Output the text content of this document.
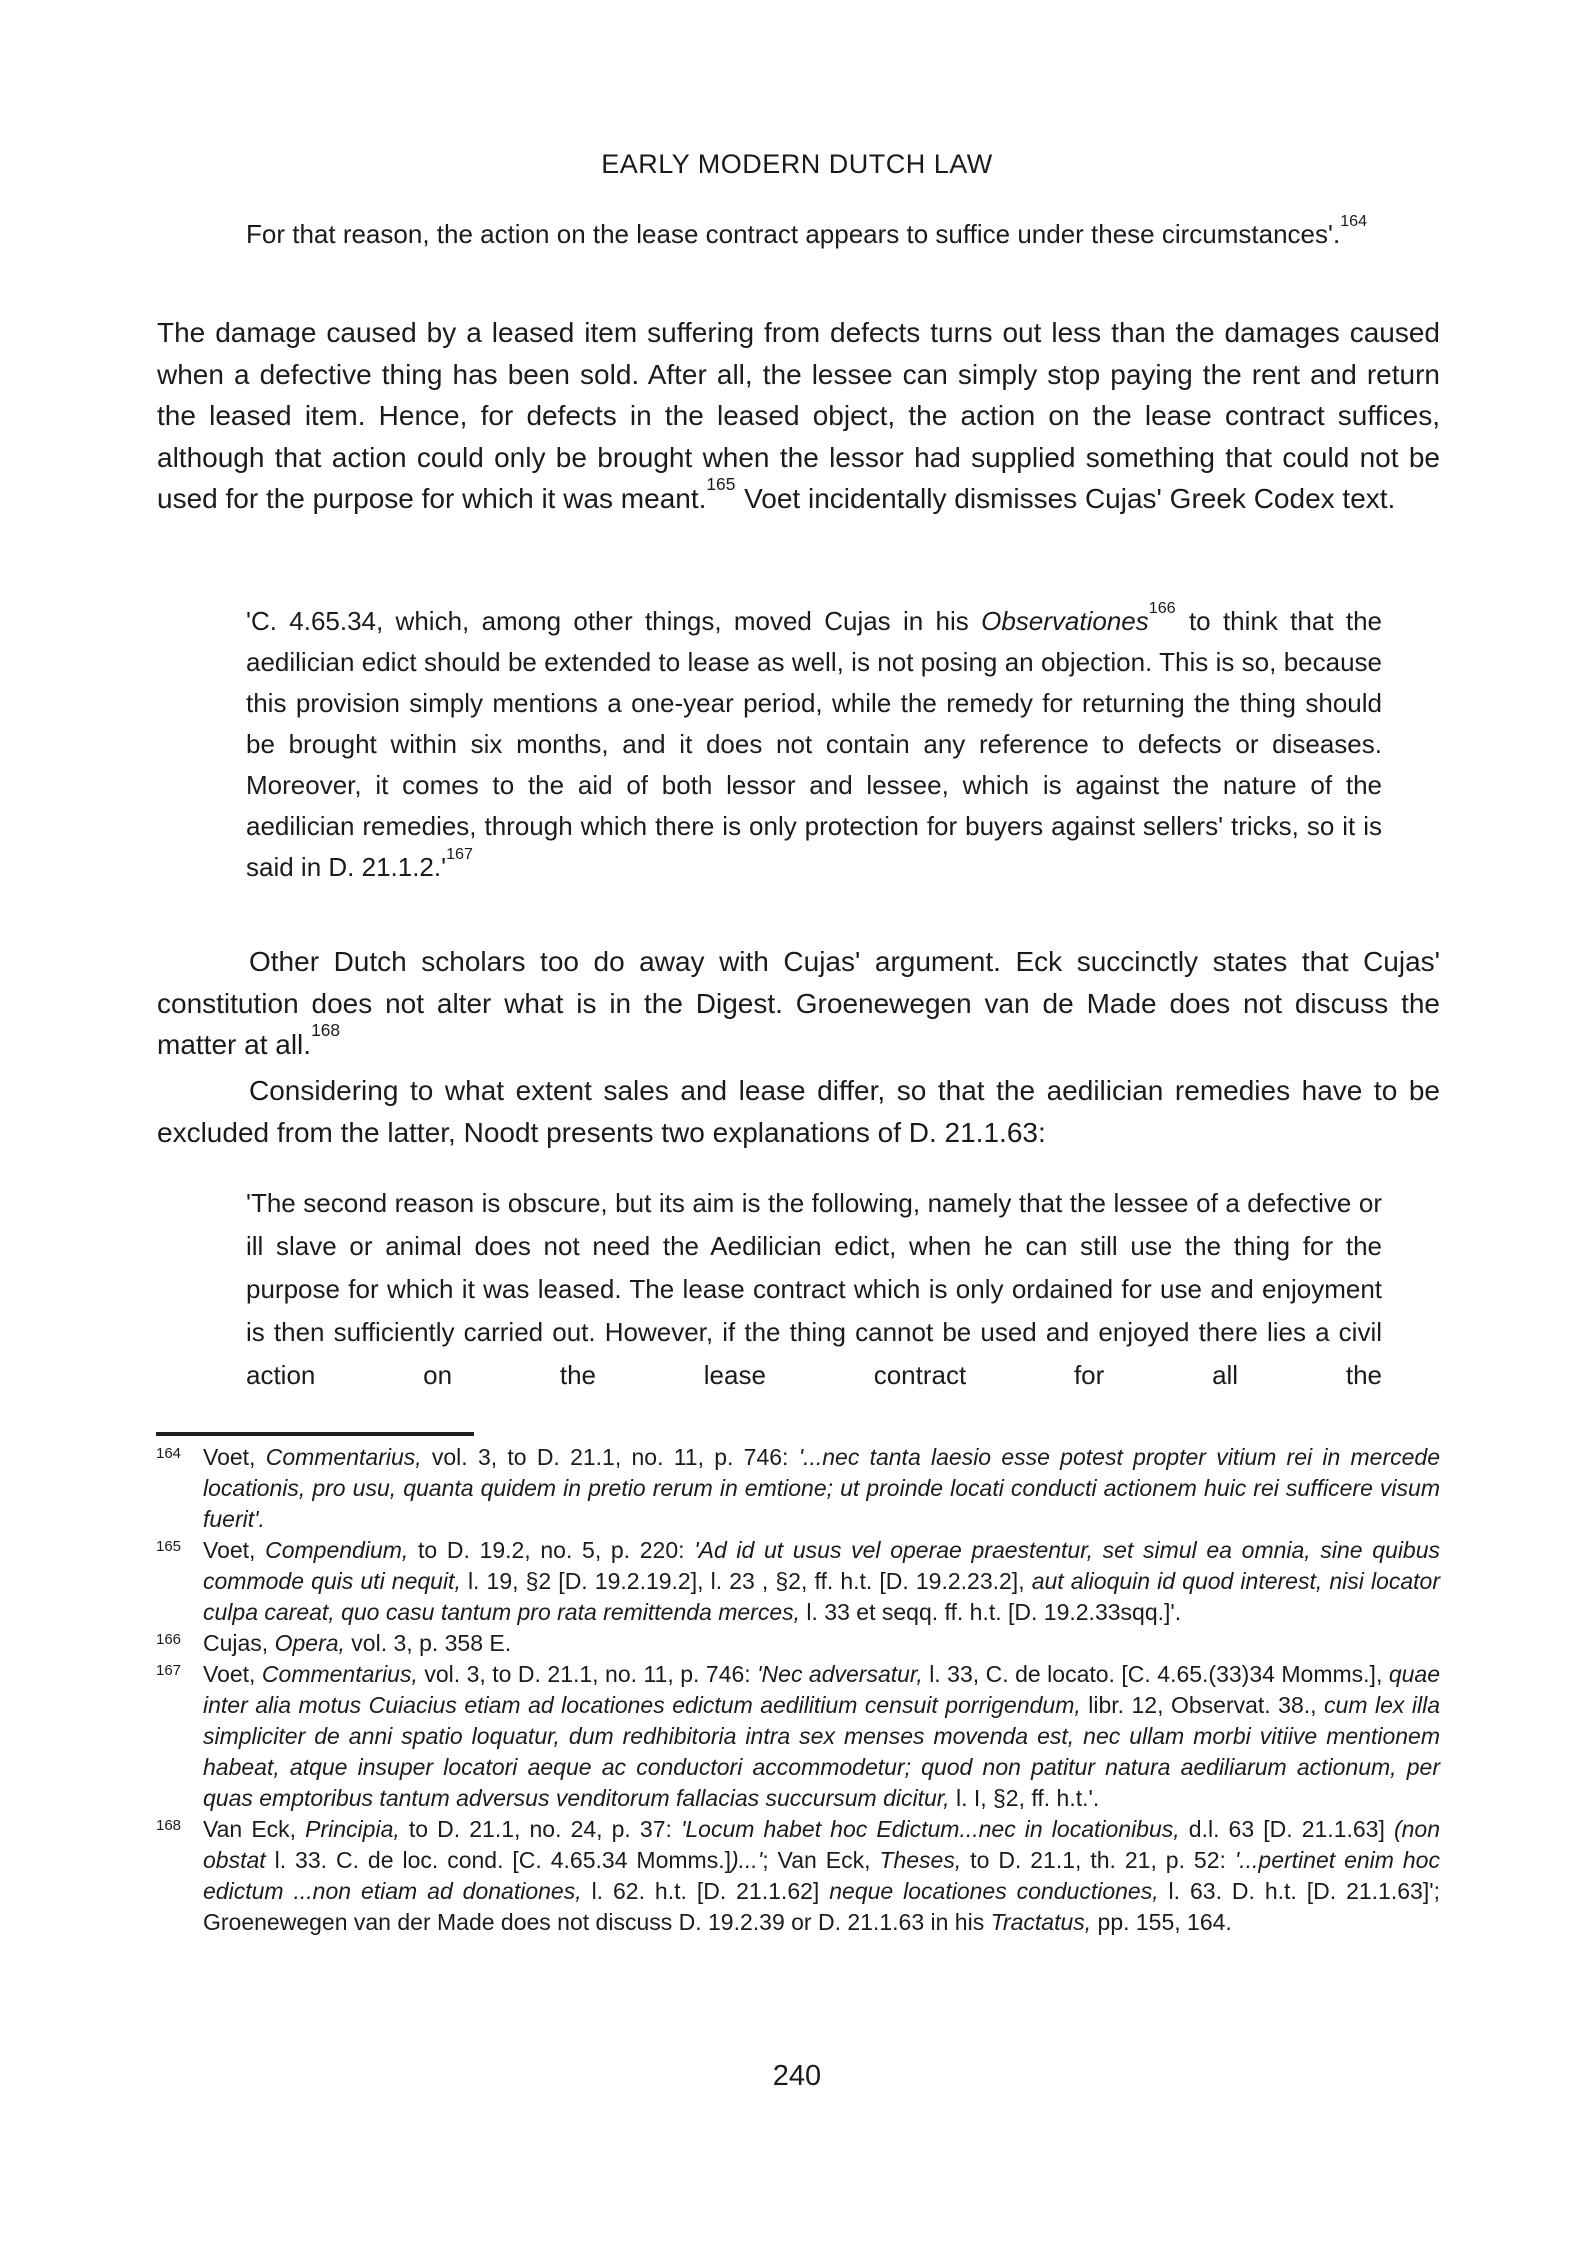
EARLY MODERN DUTCH LAW
For that reason, the action on the lease contract appears to suffice under these circumstances'.$^{164}$
The damage caused by a leased item suffering from defects turns out less than the damages caused when a defective thing has been sold. After all, the lessee can simply stop paying the rent and return the leased item. Hence, for defects in the leased object, the action on the lease contract suffices, although that action could only be brought when the lessor had supplied something that could not be used for the purpose for which it was meant.$^{165}$ Voet incidentally dismisses Cujas' Greek Codex text.
'C. 4.65.34, which, among other things, moved Cujas in his Observationes$^{166}$ to think that the aedilician edict should be extended to lease as well, is not posing an objection. This is so, because this provision simply mentions a one-year period, while the remedy for returning the thing should be brought within six months, and it does not contain any reference to defects or diseases. Moreover, it comes to the aid of both lessor and lessee, which is against the nature of the aedilician remedies, through which there is only protection for buyers against sellers' tricks, so it is said in D. 21.1.2.'$^{167}$
Other Dutch scholars too do away with Cujas' argument. Eck succinctly states that Cujas' constitution does not alter what is in the Digest. Groenewegen van de Made does not discuss the matter at all.$^{168}$
Considering to what extent sales and lease differ, so that the aedilician remedies have to be excluded from the latter, Noodt presents two explanations of D. 21.1.63:
'The second reason is obscure, but its aim is the following, namely that the lessee of a defective or ill slave or animal does not need the Aedilician edict, when he can still use the thing for the purpose for which it was leased. The lease contract which is only ordained for use and enjoyment is then sufficiently carried out. However, if the thing cannot be used and enjoyed there lies a civil action on the lease contract for all the
164 Voet, Commentarius, vol. 3, to D. 21.1, no. 11, p. 746: '...nec tanta laesio esse potest propter vitium rei in mercede locationis, pro usu, quanta quidem in pretio rerum in emtione; ut proinde locati conducti actionem huic rei sufficere visum fuerit'.
165 Voet, Compendium, to D. 19.2, no. 5, p. 220: 'Ad id ut usus vel operae praestentur, set simul ea omnia, sine quibus commode quis uti nequit, l. 19, §2 [D. 19.2.19.2], l. 23 , §2, ff. h.t. [D. 19.2.23.2], aut alioquin id quod interest, nisi locator culpa careat, quo casu tantum pro rata remittenda merces, l. 33 et seqq. ff. h.t. [D. 19.2.33sqq.]'.
166 Cujas, Opera, vol. 3, p. 358 E.
167 Voet, Commentarius, vol. 3, to D. 21.1, no. 11, p. 746: 'Nec adversatur, l. 33, C. de locato. [C. 4.65.(33)34 Momms.], quae inter alia motus Cuiacius etiam ad locationes edictum aedilitium censuit porrigendum, libr. 12, Observat. 38., cum lex illa simpliciter de anni spatio loquatur, dum redhibitoria intra sex menses movenda est, nec ullam morbi vitiive mentionem habeat, atque insuper locatori aeque ac conductori accommodetur; quod non patitur natura aediliarum actionum, per quas emptoribus tantum adversus venditorum fallacias succursum dicitur, l. I, §2, ff. h.t.'.
168 Van Eck, Principia, to D. 21.1, no. 24, p. 37: 'Locum habet hoc Edictum...nec in locationibus, d.l. 63 [D. 21.1.63] (non obstat l. 33. C. de loc. cond. [C. 4.65.34 Momms.])...'; Van Eck, Theses, to D. 21.1, th. 21, p. 52: '...pertinet enim hoc edictum ...non etiam ad donationes, l. 62. h.t. [D. 21.1.62] neque locationes conductiones, l. 63. D. h.t. [D. 21.1.63]'; Groenewegen van der Made does not discuss D. 19.2.39 or D. 21.1.63 in his Tractatus, pp. 155, 164.
240
